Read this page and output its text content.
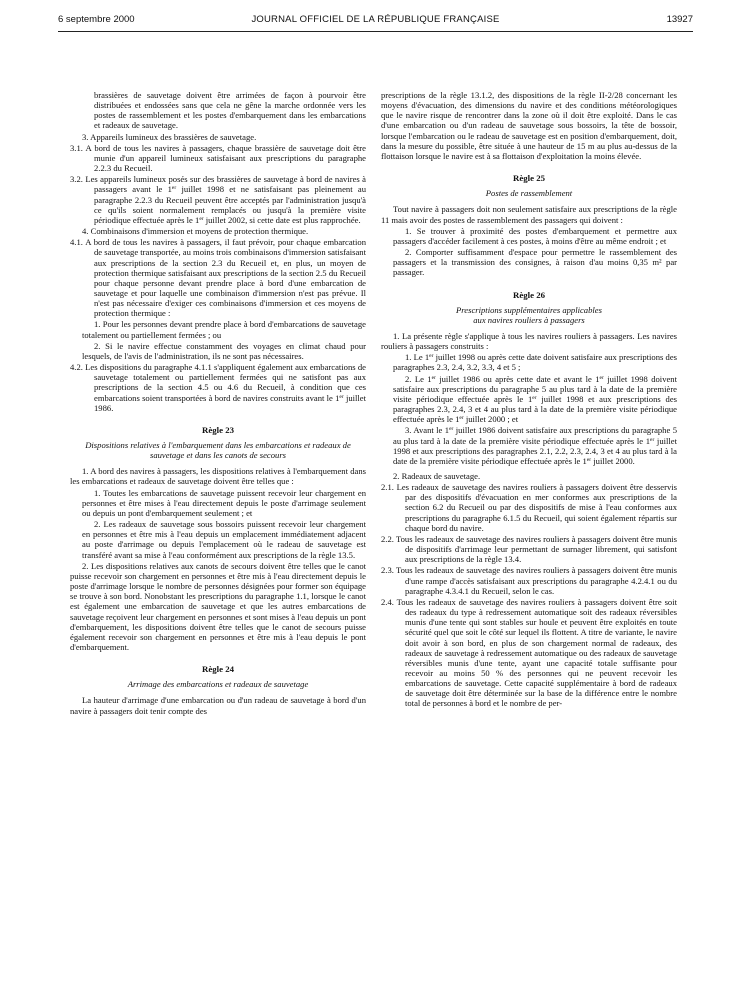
6 septembre 2000	JOURNAL OFFICIEL DE LA RÉPUBLIQUE FRANÇAISE	13927

brassières de sauvetage doivent être arrimées de façon à pourvoir être distribuées et endossées sans que cela ne gêne la marche ordonnée vers les postes de rassemblement et les postes d'embarquement dans les embarcations et radeaux de sauvetage.

3. Appareils lumineux des brassières de sauvetage.

3.1. A bord de tous les navires à passagers, chaque brassière de sauvetage doit être munie d'un appareil lumineux satisfaisant aux prescriptions du paragraphe 2.2.3 du Recueil.

3.2. Les appareils lumineux posés sur des brassières de sauvetage à bord de navires à passagers avant le 1er juillet 1998 et ne satisfaisant pas pleinement au paragraphe 2.2.3 du Recueil peuvent être acceptés par l'administration jusqu'à ce qu'ils soient normalement remplacés ou jusqu'à la première visite périodique effectuée après le 1er juillet 2002, si cette date est plus rapprochée.

4. Combinaisons d'immersion et moyens de protection thermique.

4.1. A bord de tous les navires à passagers, il faut prévoir, pour chaque embarcation de sauvetage transportée, au moins trois combinaisons d'immersion satisfaisant aux prescriptions de la section 2.3 du Recueil et, en plus, un moyen de protection thermique satisfaisant aux prescriptions de la section 2.5 du Recueil pour chaque personne devant prendre place à bord d'une embarcation de sauvetage et pour laquelle une combinaison d'immersion n'est pas prévue. Il n'est pas nécessaire d'exiger ces combinaisons d'immersion et ces moyens de protection thermique :

1. Pour les personnes devant prendre place à bord d'embarcations de sauvetage totalement ou partiellement fermées ; ou

2. Si le navire effectue constamment des voyages en climat chaud pour lesquels, de l'avis de l'administration, ils ne sont pas nécessaires.

4.2. Les dispositions du paragraphe 4.1.1 s'appliquent également aux embarcations de sauvetage totalement ou partiellement fermées qui ne satisfont pas aux prescriptions de la section 4.5 ou 4.6 du Recueil, à condition que ces embarcations soient transportées à bord de navires construits avant le 1er juillet 1986.

Règle 23

Dispositions relatives à l'embarquement dans les embarcations et radeaux de sauvetage et dans les canots de secours

1. A bord des navires à passagers, les dispositions relatives à l'embarquement dans les embarcations et radeaux de sauvetage doivent être telles que :

1. Toutes les embarcations de sauvetage puissent recevoir leur chargement en personnes et être mises à l'eau directement depuis le poste d'arrimage seulement ou depuis un pont d'embarquement seulement ; et

2. Les radeaux de sauvetage sous bossoirs puissent recevoir leur chargement en personnes et être mis à l'eau depuis un emplacement immédiatement adjacent au poste d'arrimage ou depuis l'emplacement où le radeau de sauvetage est transféré avant sa mise à l'eau conformément aux prescriptions de la règle 13.5.

2. Les dispositions relatives aux canots de secours doivent être telles que le canot puisse recevoir son chargement en personnes et être mis à l'eau directement depuis le poste d'arrimage lorsque le nombre de personnes désignées pour former son équipage se trouve à son bord. Nonobstant les prescriptions du paragraphe 1.1, lorsque le canot est également une embarcation de sauvetage et que les autres embarcations de sauvetage reçoivent leur chargement en personnes et sont mises à l'eau depuis un pont d'embarquement, les dispositions doivent être telles que le canot de secours puisse également recevoir son chargement en personnes et être mis à l'eau depuis le pont d'embarquement.

Règle 24

Arrimage des embarcations et radeaux de sauvetage

La hauteur d'arrimage d'une embarcation ou d'un radeau de sauvetage à bord d'un navire à passagers doit tenir compte des

prescriptions de la règle 13.1.2, des dispositions de la règle II-2/28 concernant les moyens d'évacuation, des dimensions du navire et des conditions météorologiques que le navire risque de rencontrer dans la zone où il doit être exploité. Dans le cas d'une embarcation ou d'un radeau de sauvetage sous bossoirs, la tête de bossoir, lorsque l'embarcation ou le radeau de sauvetage est en position d'embarquement, doit, dans la mesure du possible, être située à une hauteur de 15 m au plus au-dessus de la flottaison lorsque le navire est à sa flottaison d'exploitation la moins élevée.

Règle 25

Postes de rassemblement

Tout navire à passagers doit non seulement satisfaire aux prescriptions de la règle 11 mais avoir des postes de rassemblement des passagers qui doivent :

1. Se trouver à proximité des postes d'embarquement et permettre aux passagers d'accéder facilement à ces postes, à moins d'être au même endroit ; et

2. Comporter suffisamment d'espace pour permettre le rassemblement des passagers et la transmission des consignes, à raison d'au moins 0,35 m² par passager.

Règle 26

Prescriptions supplémentaires applicables

aux navires rouliers à passagers

1. La présente règle s'applique à tous les navires rouliers à passagers. Les navires rouliers à passagers construits :

1. Le 1er juillet 1998 ou après cette date doivent satisfaire aux prescriptions des paragraphes 2.3, 2.4, 3.2, 3.3, 4 et 5 ;

2. Le 1er juillet 1986 ou après cette date et avant le 1er juillet 1998 doivent satisfaire aux prescriptions du paragraphe 5 au plus tard à la date de la première visite périodique effectuée après le 1er juillet 1998 et aux prescriptions des paragraphes 2.3, 2.4, 3 et 4 au plus tard à la date de la première visite périodique effectuée après le 1er juillet 2000 ; et

3. Avant le 1er juillet 1986 doivent satisfaire aux prescriptions du paragraphe 5 au plus tard à la date de la première visite périodique effectuée après le 1er juillet 1998 et aux prescriptions des paragraphes 2.1, 2.2, 2.3, 2.4, 3 et 4 au plus tard à la date de la première visite périodique effectuée après le 1er juillet 2000.

2. Radeaux de sauvetage.

2.1. Les radeaux de sauvetage des navires rouliers à passagers doivent être desservis par des dispositifs d'évacuation en mer conformes aux prescriptions de la section 6.2 du Recueil ou par des dispositifs de mise à l'eau conformes aux prescriptions du paragraphe 6.1.5 du Recueil, qui soient également répartis sur chaque bord du navire.

2.2. Tous les radeaux de sauvetage des navires rouliers à passagers doivent être munis de dispositifs d'arrimage leur permettant de surnager librement, qui satisfont aux prescriptions de la règle 13.4.

2.3. Tous les radeaux de sauvetage des navires rouliers à passagers doivent être munis d'une rampe d'accès satisfaisant aux prescriptions du paragraphe 4.2.4.1 ou du paragraphe 4.3.4.1 du Recueil, selon le cas.

2.4. Tous les radeaux de sauvetage des navires rouliers à passagers doivent être soit des radeaux du type à redressement automatique soit des radeaux réversibles munis d'une tente qui sont stables sur houle et peuvent être exploités en toute sécurité quel que soit le côté sur lequel ils flottent. A titre de variante, le navire doit avoir à son bord, en plus de son chargement normal de radeaux, des radeaux de sauvetage à redressement automatique ou des radeaux de sauvetage réversibles munis d'une tente, ayant une capacité totale suffisante pour recevoir au moins 50 % des personnes qui ne peuvent recevoir les embarcations de sauvetage. Cette capacité supplémentaire à bord de radeaux de sauvetage doit être déterminée sur la base de la différence entre le nombre total de personnes à bord et le nombre de per-
